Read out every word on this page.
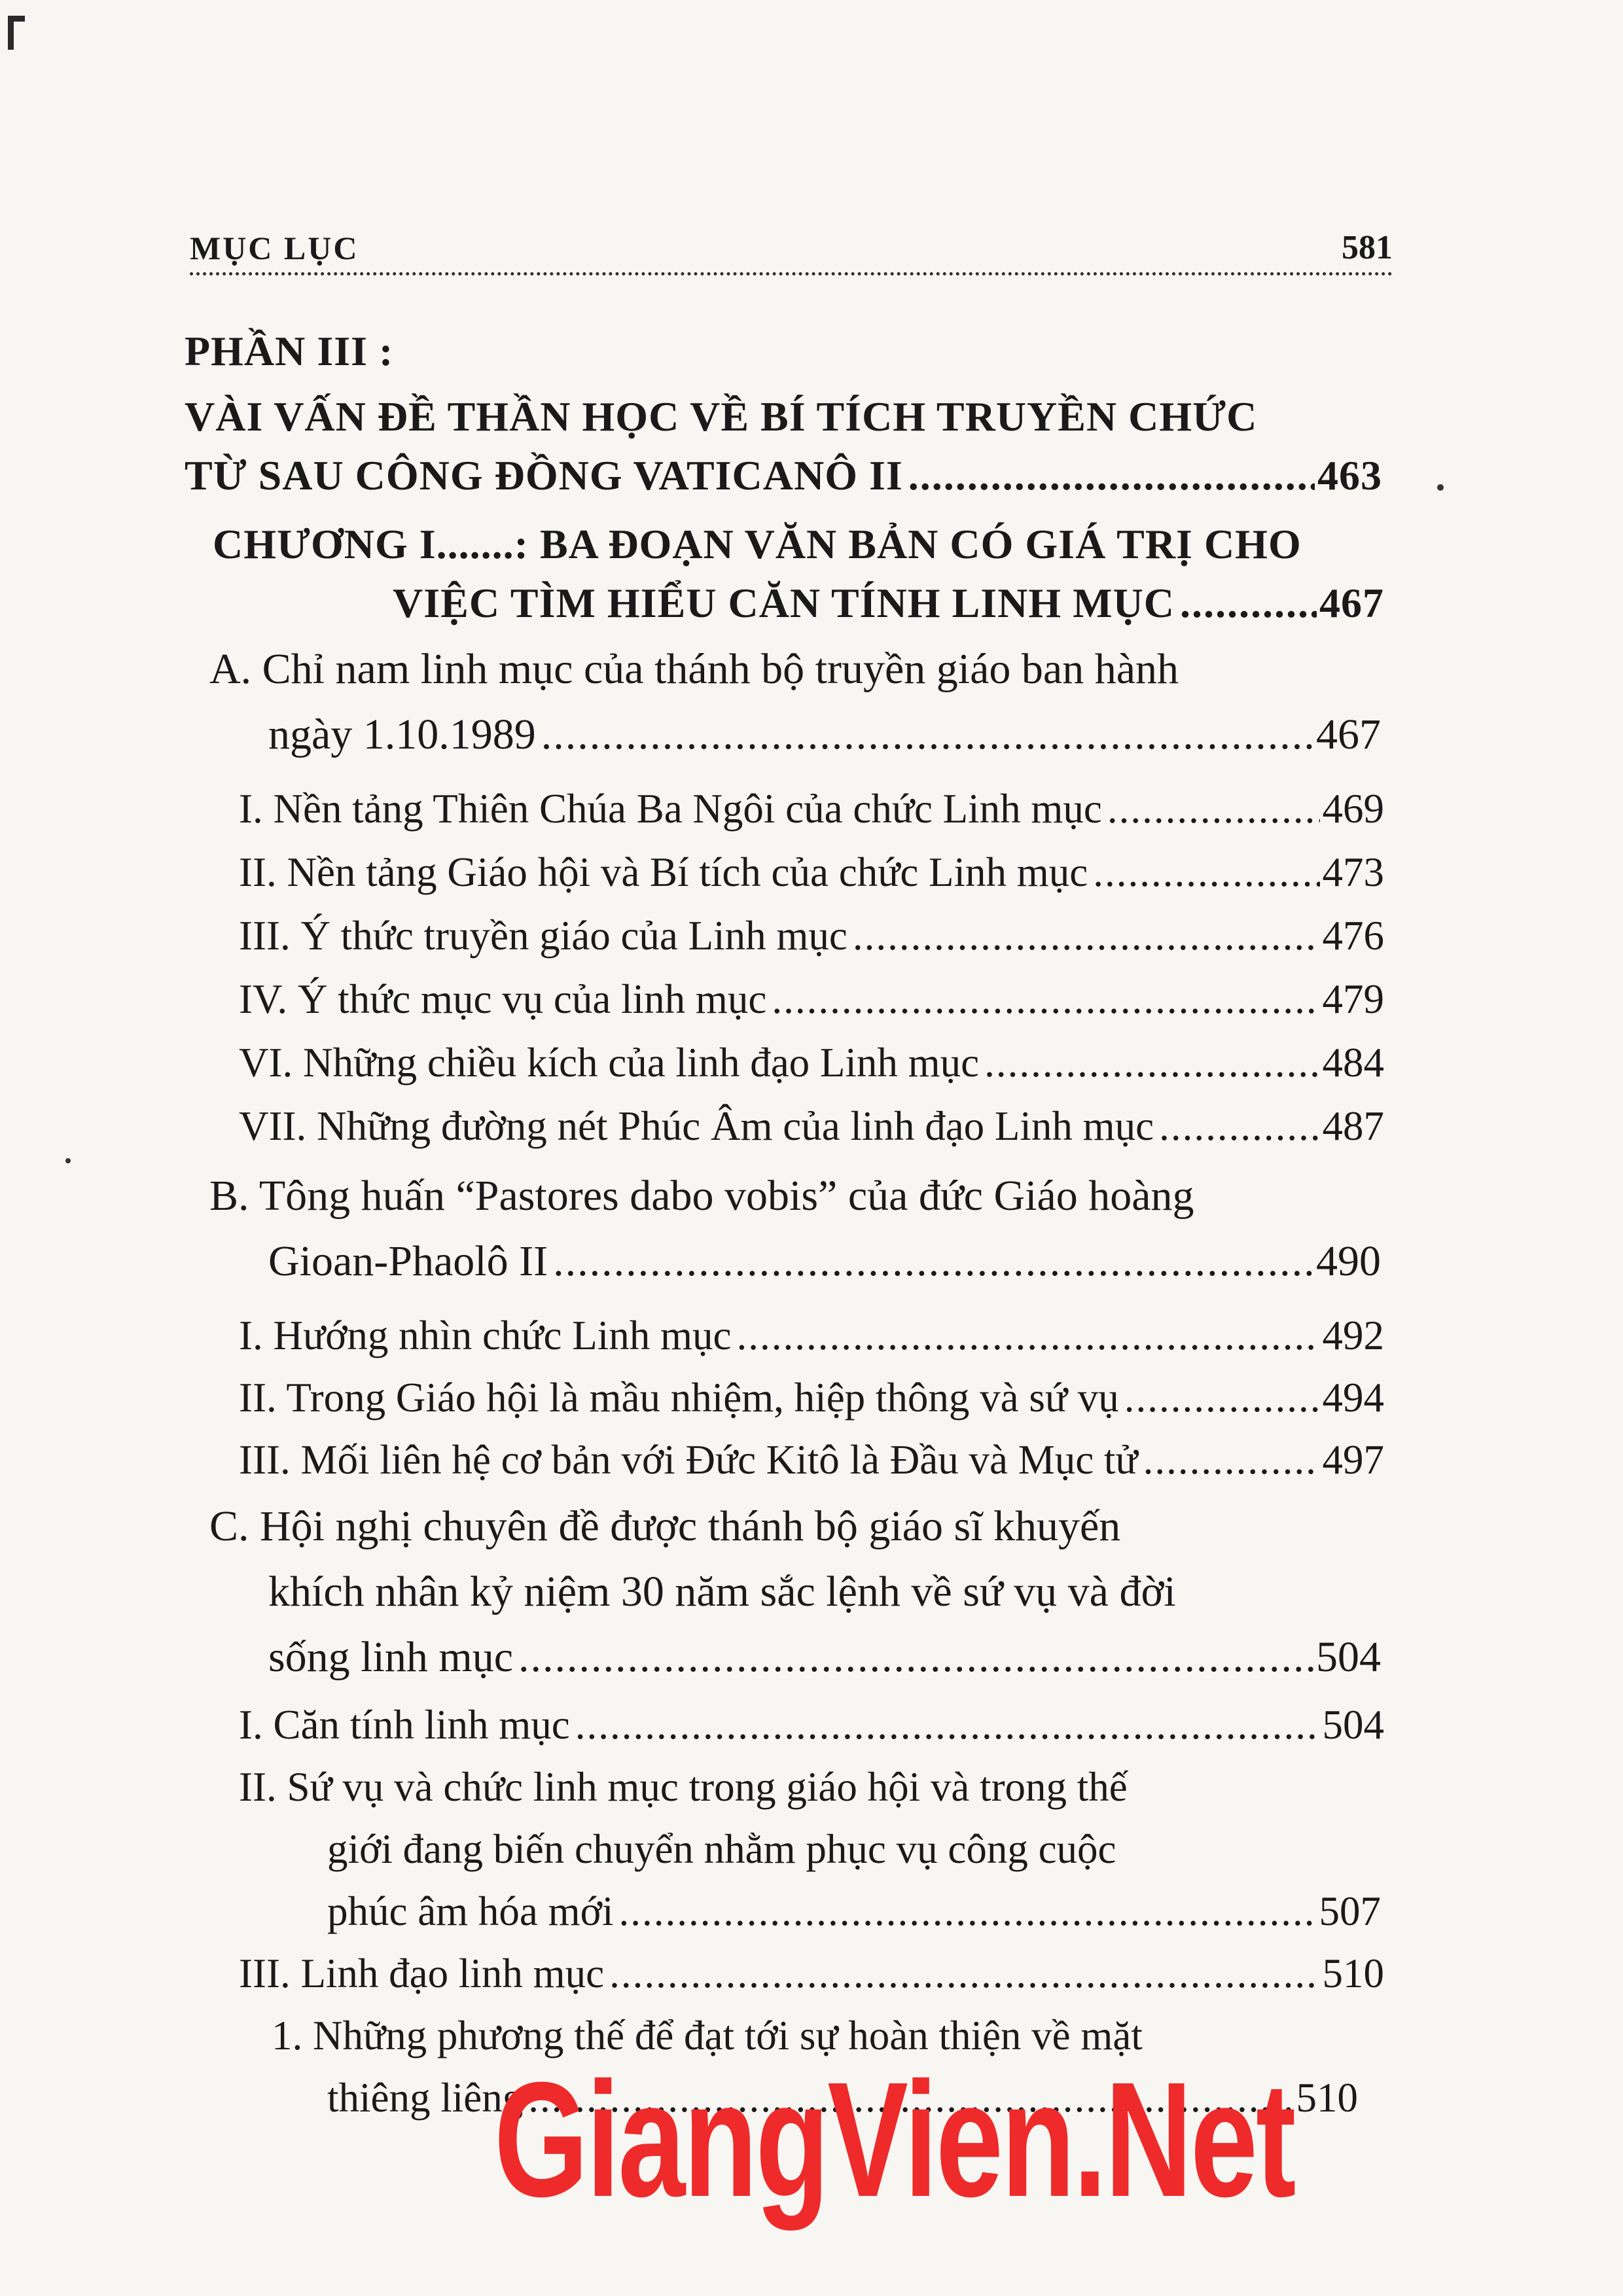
MỤC LỤC	581
PHẦN III :
VÀI VẤN ĐỀ THẦN HỌC VỀ BÍ TÍCH TRUYỀN CHỨC
TỪ SAU CÔNG ĐỒNG VATICANÔ II .....	463
CHƯƠNG I.......: BA ĐOẠN VĂN BẢN CÓ GIÁ TRỊ CHO
VIỆC TÌM HIỂU CĂN TÍNH LINH MỤC .....	467
A. Chỉ nam linh mục của thánh bộ truyền giáo ban hành
ngày 1.10.1989 .....	467
I. Nền tảng Thiên Chúa Ba Ngôi của chức Linh mục .....	469
II. Nền tảng Giáo hội và Bí tích của chức Linh mục .....	473
III. Ý thức truyền giáo của Linh mục .....	476
IV. Ý thức mục vụ của linh mục .....	479
VI. Những chiều kích của linh đạo Linh mục .....	484
VII. Những đường nét Phúc Âm của linh đạo Linh mục .....	487
B. Tông huấn “Pastores dabo vobis” của đức Giáo hoàng
Gioan-Phaolô II .....	490
I. Hướng nhìn chức Linh mục .....	492
II. Trong Giáo hội là mầu nhiệm, hiệp thông và sứ vụ .....	494
III. Mối liên hệ cơ bản với Đức Kitô là Đầu và Mục tử .....	497
C. Hội nghị chuyên đề được thánh bộ giáo sĩ khuyến
khích nhân kỷ niệm 30 năm sắc lệnh về sứ vụ và đời
sống linh mục .....	504
I. Căn tính linh mục .....	504
II. Sứ vụ và chức linh mục trong giáo hội và trong thế
giới đang biến chuyển nhằm phục vụ công cuộc
phúc âm hóa mới .....	507
III. Linh đạo linh mục .....	510
1. Những phương thế để đạt tới sự hoàn thiện về mặt
thiêng liêng .....	510
GiangVien.Net
